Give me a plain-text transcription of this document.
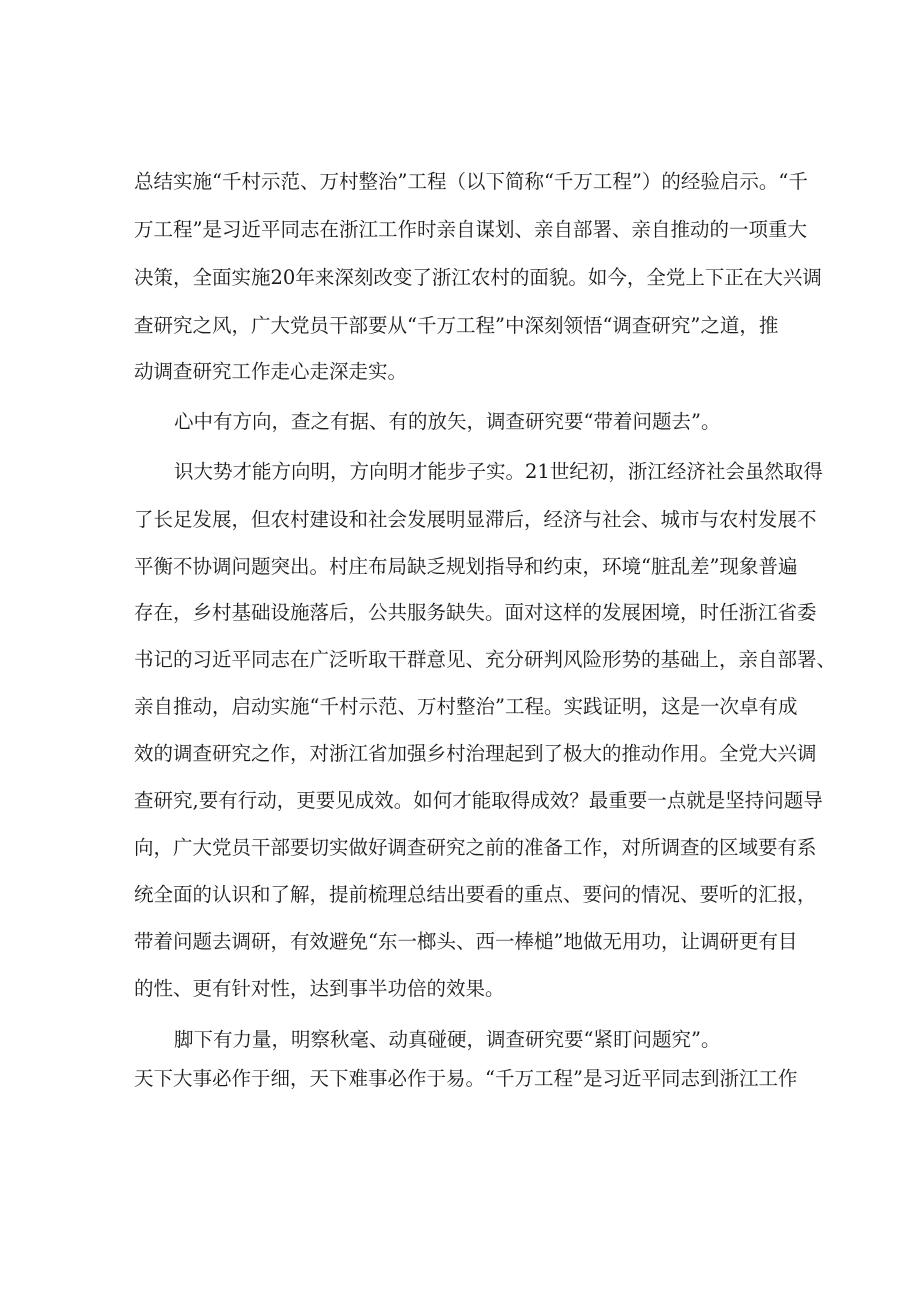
总结实施“千村示范、万村整治”工程（以下简称“千万工程”）的经验启示。“千
万工程”是习近平同志在浙江工作时亲自谋划、亲自部署、亲自推动的一项重大
决策，全面实施20年来深刻改变了浙江农村的面貌。如今，全党上下正在大兴调
查研究之风，广大党员干部要从“千万工程”中深刻领悟“调查研究”之道，推
动调查研究工作走心走深走实。
心中有方向，查之有据、有的放矢，调查研究要“带着问题去”。
识大势才能方向明，方向明才能步子实。21世纪初，浙江经济社会虽然取得
了长足发展，但农村建设和社会发展明显滞后，经济与社会、城市与农村发展不
平衡不协调问题突出。村庄布局缺乏规划指导和约束，环境“脏乱差”现象普遍
存在，乡村基础设施落后，公共服务缺失。面对这样的发展困境，时任浙江省委
书记的习近平同志在广泛听取干群意见、充分研判风险形势的基础上，亲自部署、
亲自推动，启动实施“千村示范、万村整治”工程。实践证明，这是一次卓有成
效的调查研究之作，对浙江省加强乡村治理起到了极大的推动作用。全党大兴调
查研究,要有行动，更要见成效。如何才能取得成效？最重要一点就是坚持问题导
向，广大党员干部要切实做好调查研究之前的准备工作，对所调查的区域要有系
统全面的认识和了解，提前梳理总结出要看的重点、要问的情况、要听的汇报，
带着问题去调研，有效避免“东一榔头、西一棒槌”地做无用功，让调研更有目
的性、更有针对性，达到事半功倍的效果。
脚下有力量，明察秋毫、动真碰硬，调查研究要“紧盯问题究”。
天下大事必作于细，天下难事必作于易。“千万工程”是习近平同志到浙江工作
